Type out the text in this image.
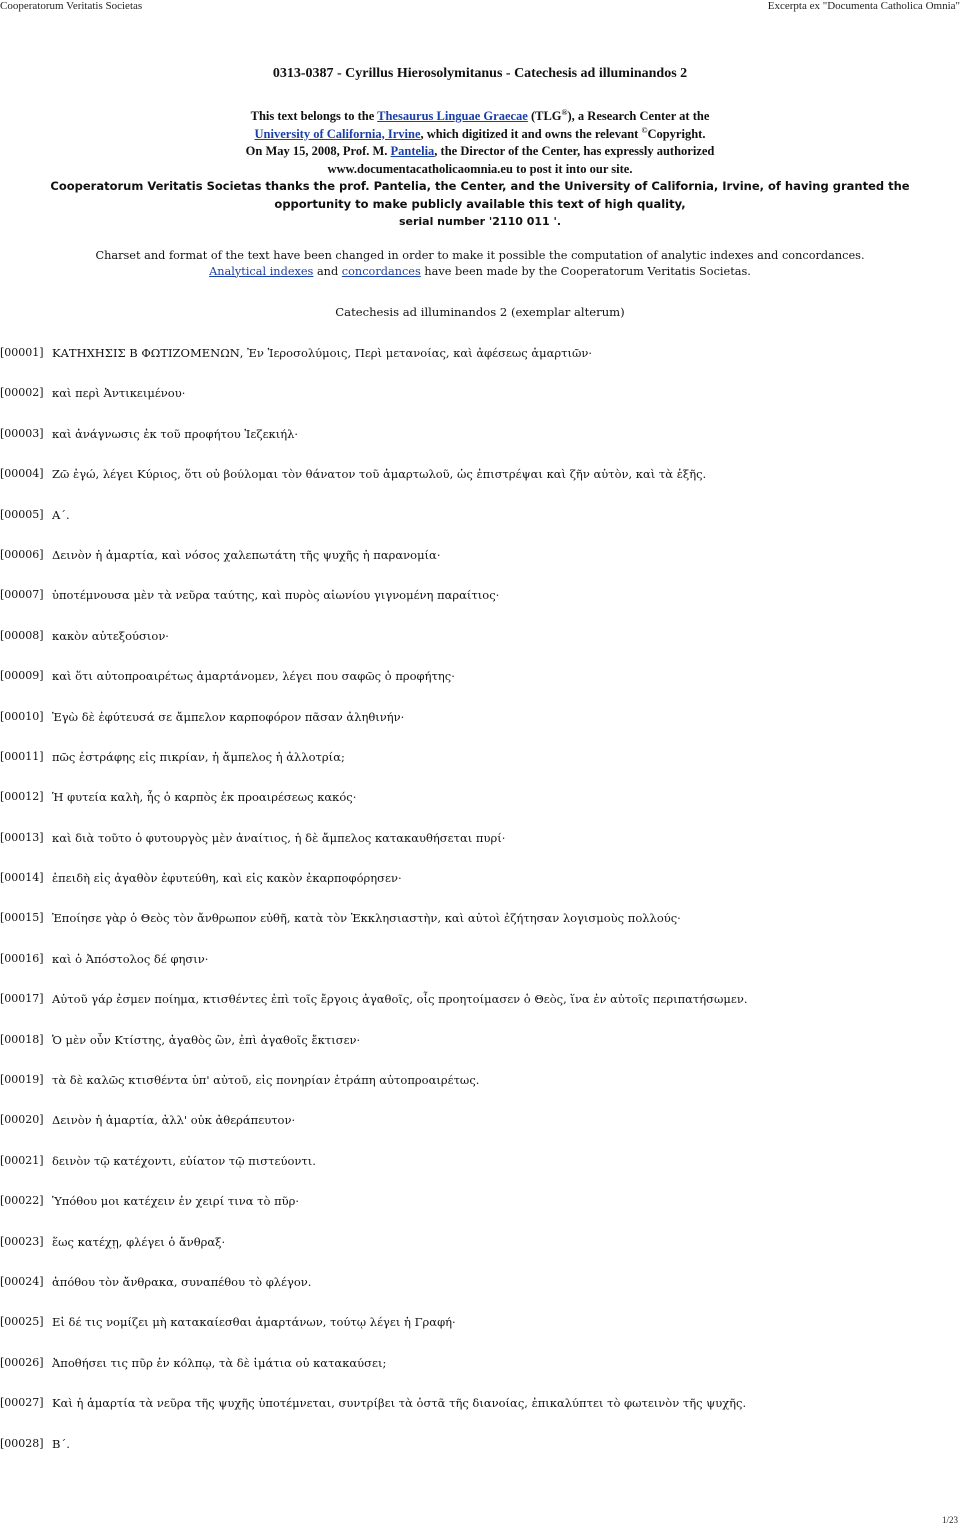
Cooperatorum Veritatis Societas	Excerpta ex "Documenta Catholica Omnia"
0313-0387 - Cyrillus Hierosolymitanus - Catechesis ad illuminandos 2
This text belongs to the Thesaurus Linguae Graecae (TLG®), a Research Center at the
University of California, Irvine, which digitized it and owns the relevant ©Copyright.
On May 15, 2008, Prof. M. Pantelia, the Director of the Center, has expressly authorized
www.documentacatholicaomnia.eu to post it into our site.
Cooperatorum Veritatis Societas thanks the prof. Pantelia, the Center, and the University of California, Irvine, of having granted the opportunity to make publicly available this text of high quality,
serial number '2110 011 '.
Charset and format of the text have been changed in order to make it possible the computation of analytic indexes and concordances.
Analytical indexes and concordances have been made by the Cooperatorum Veritatis Societas.
Catechesis ad illuminandos 2 (exemplar alterum)
[00001] ΚΑΤΗΧΗΣΙΣ Β ΦΩΤΙΖΟΜΕΝΩΝ, Ἐν Ἱεροσολύμοις, Περὶ μετανοίας, καὶ ἀφέσεως ἁμαρτιῶν·
[00002] καὶ περὶ Ἀντικειμένου·
[00003] καὶ ἀνάγνωσις ἐκ τοῦ προφήτου Ἰεζεκιήλ·
[00004] Ζῶ ἐγώ, λέγει Κύριος, ὅτι οὐ βούλομαι τὸν θάνατον τοῦ ἁμαρτωλοῦ, ὡς ἐπιστρέψαι καὶ ζῆν αὐτὸν, καὶ τὰ ἑξῆς.
[00005] Α΄.
[00006] Δεινὸν ἡ ἁμαρτία, καὶ νόσος χαλεπωτάτη τῆς ψυχῆς ἡ παρανομία·
[00007] ὑποτέμνουσα μὲν τὰ νεῦρα ταύτης, καὶ πυρὸς αἰωνίου γιγνομένη παραίτιος·
[00008] κακὸν αὐτεξούσιον·
[00009] καὶ ὅτι αὐτοπροαιρέτως ἁμαρτάνομεν, λέγει που σαφῶς ὁ προφήτης·
[00010] Ἐγὼ δὲ ἐφύτευσά σε ἄμπελον καρποφόρον πᾶσαν ἀληθινήν·
[00011] πῶς ἐστράφης εἰς πικρίαν, ἡ ἄμπελος ἡ ἀλλοτρία;
[00012] Ἡ φυτεία καλὴ, ἧς ὁ καρπὸς ἐκ προαιρέσεως κακός·
[00013] καὶ διὰ τοῦτο ὁ φυτουργὸς μὲν ἀναίτιος, ἡ δὲ ἄμπελος κατακαυθήσεται πυρί·
[00014] ἐπειδὴ εἰς ἀγαθὸν ἐφυτεύθη, καὶ εἰς κακὸν ἐκαρποφόρησεν·
[00015] Ἐποίησε γὰρ ὁ Θεὸς τὸν ἄνθρωπον εὐθῆ, κατὰ τὸν Ἐκκλησιαστὴν, καὶ αὐτοὶ ἐζήτησαν λογισμοὺς πολλούς·
[00016] καὶ ὁ Ἀπόστολος δέ φησιν·
[00017] Αὐτοῦ γάρ ἐσμεν ποίημα, κτισθέντες ἐπὶ τοῖς ἔργοις ἀγαθοῖς, οἷς προητοίμασεν ὁ Θεὸς, ἵνα ἐν αὐτοῖς περιπατήσωμεν.
[00018] Ὁ μὲν οὖν Κτίστης, ἀγαθὸς ὢν, ἐπὶ ἀγαθοῖς ἔκτισεν·
[00019] τὰ δὲ καλῶς κτισθέντα ὑπ' αὐτοῦ, εἰς πονηρίαν ἐτράπη αὐτοπροαιρέτως.
[00020] Δεινὸν ἡ ἁμαρτία, ἀλλ' οὐκ ἀθεράπευτον·
[00021] δεινὸν τῷ κατέχοντι, εὐίατον τῷ πιστεύοντι.
[00022] Ὑπόθου μοι κατέχειν ἐν χειρί τινα τὸ πῦρ·
[00023] ἕως κατέχῃ, φλέγει ὁ ἄνθραξ·
[00024] ἀπόθου τὸν ἄνθρακα, συναπέθου τὸ φλέγον.
[00025] Εἰ δέ τις νομίζει μὴ κατακαίεσθαι ἁμαρτάνων, τούτῳ λέγει ἡ Γραφή·
[00026] Ἀποθήσει τις πῦρ ἐν κόλπῳ, τὰ δὲ ἱμάτια οὐ κατακαύσει;
[00027] Καὶ ἡ ἁμαρτία τὰ νεῦρα τῆς ψυχῆς ὑποτέμνεται, συντρίβει τὰ ὀστᾶ τῆς διανοίας, ἐπικαλύπτει τὸ φωτεινὸν τῆς ψυχῆς.
[00028] Β΄.
1/23
